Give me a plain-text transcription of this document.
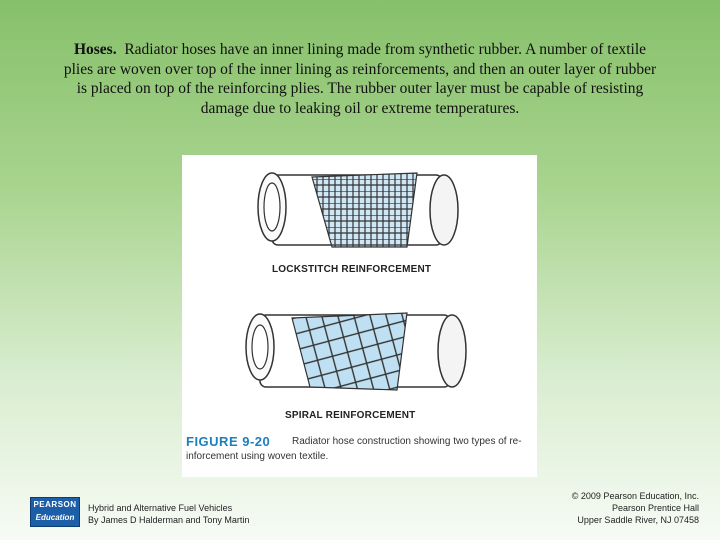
Hoses. Radiator hoses have an inner lining made from synthetic rubber. A number of textile plies are woven over top of the inner lining as reinforcements, and then an outer layer of rubber is placed on top of the reinforcing plies. The rubber outer layer must be capable of resisting damage due to leaking oil or extreme temperatures.
LOCKSTITCH REINFORCEMENT
SPIRAL REINFORCEMENT
FIGURE 9-20 Radiator hose construction showing two types of re-
inforcement using woven textile.
PEARSON
Education
Hybrid and Alternative Fuel Vehicles
By James D Halderman and Tony Martin
© 2009 Pearson Education, Inc.
Pearson Prentice Hall
Upper Saddle River, NJ 07458
